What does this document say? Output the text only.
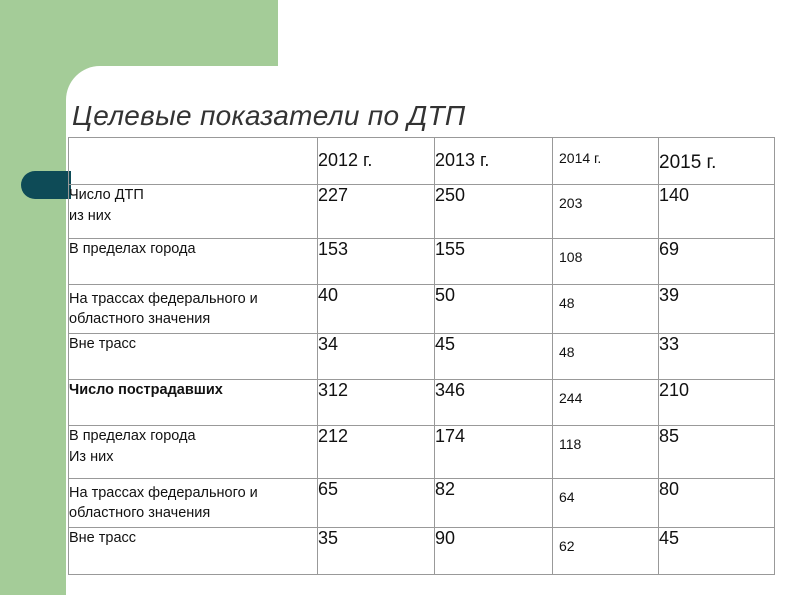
Целевые показатели по ДТП
	2012 г.	2013 г.	2014 г.	2015 г.
Число ДТП
из них	227	250	203	140
В пределах города	153	155	108	69
На трассах федерального и
областного значения	40	50	48	39
Вне трасс	34	45	48	33
Число пострадавших	312	346	244	210
В пределах города
Из них	212	174	118	85
На трассах федерального и
областного значения	65	82	64	80
Вне трасс	35	90	62	45
